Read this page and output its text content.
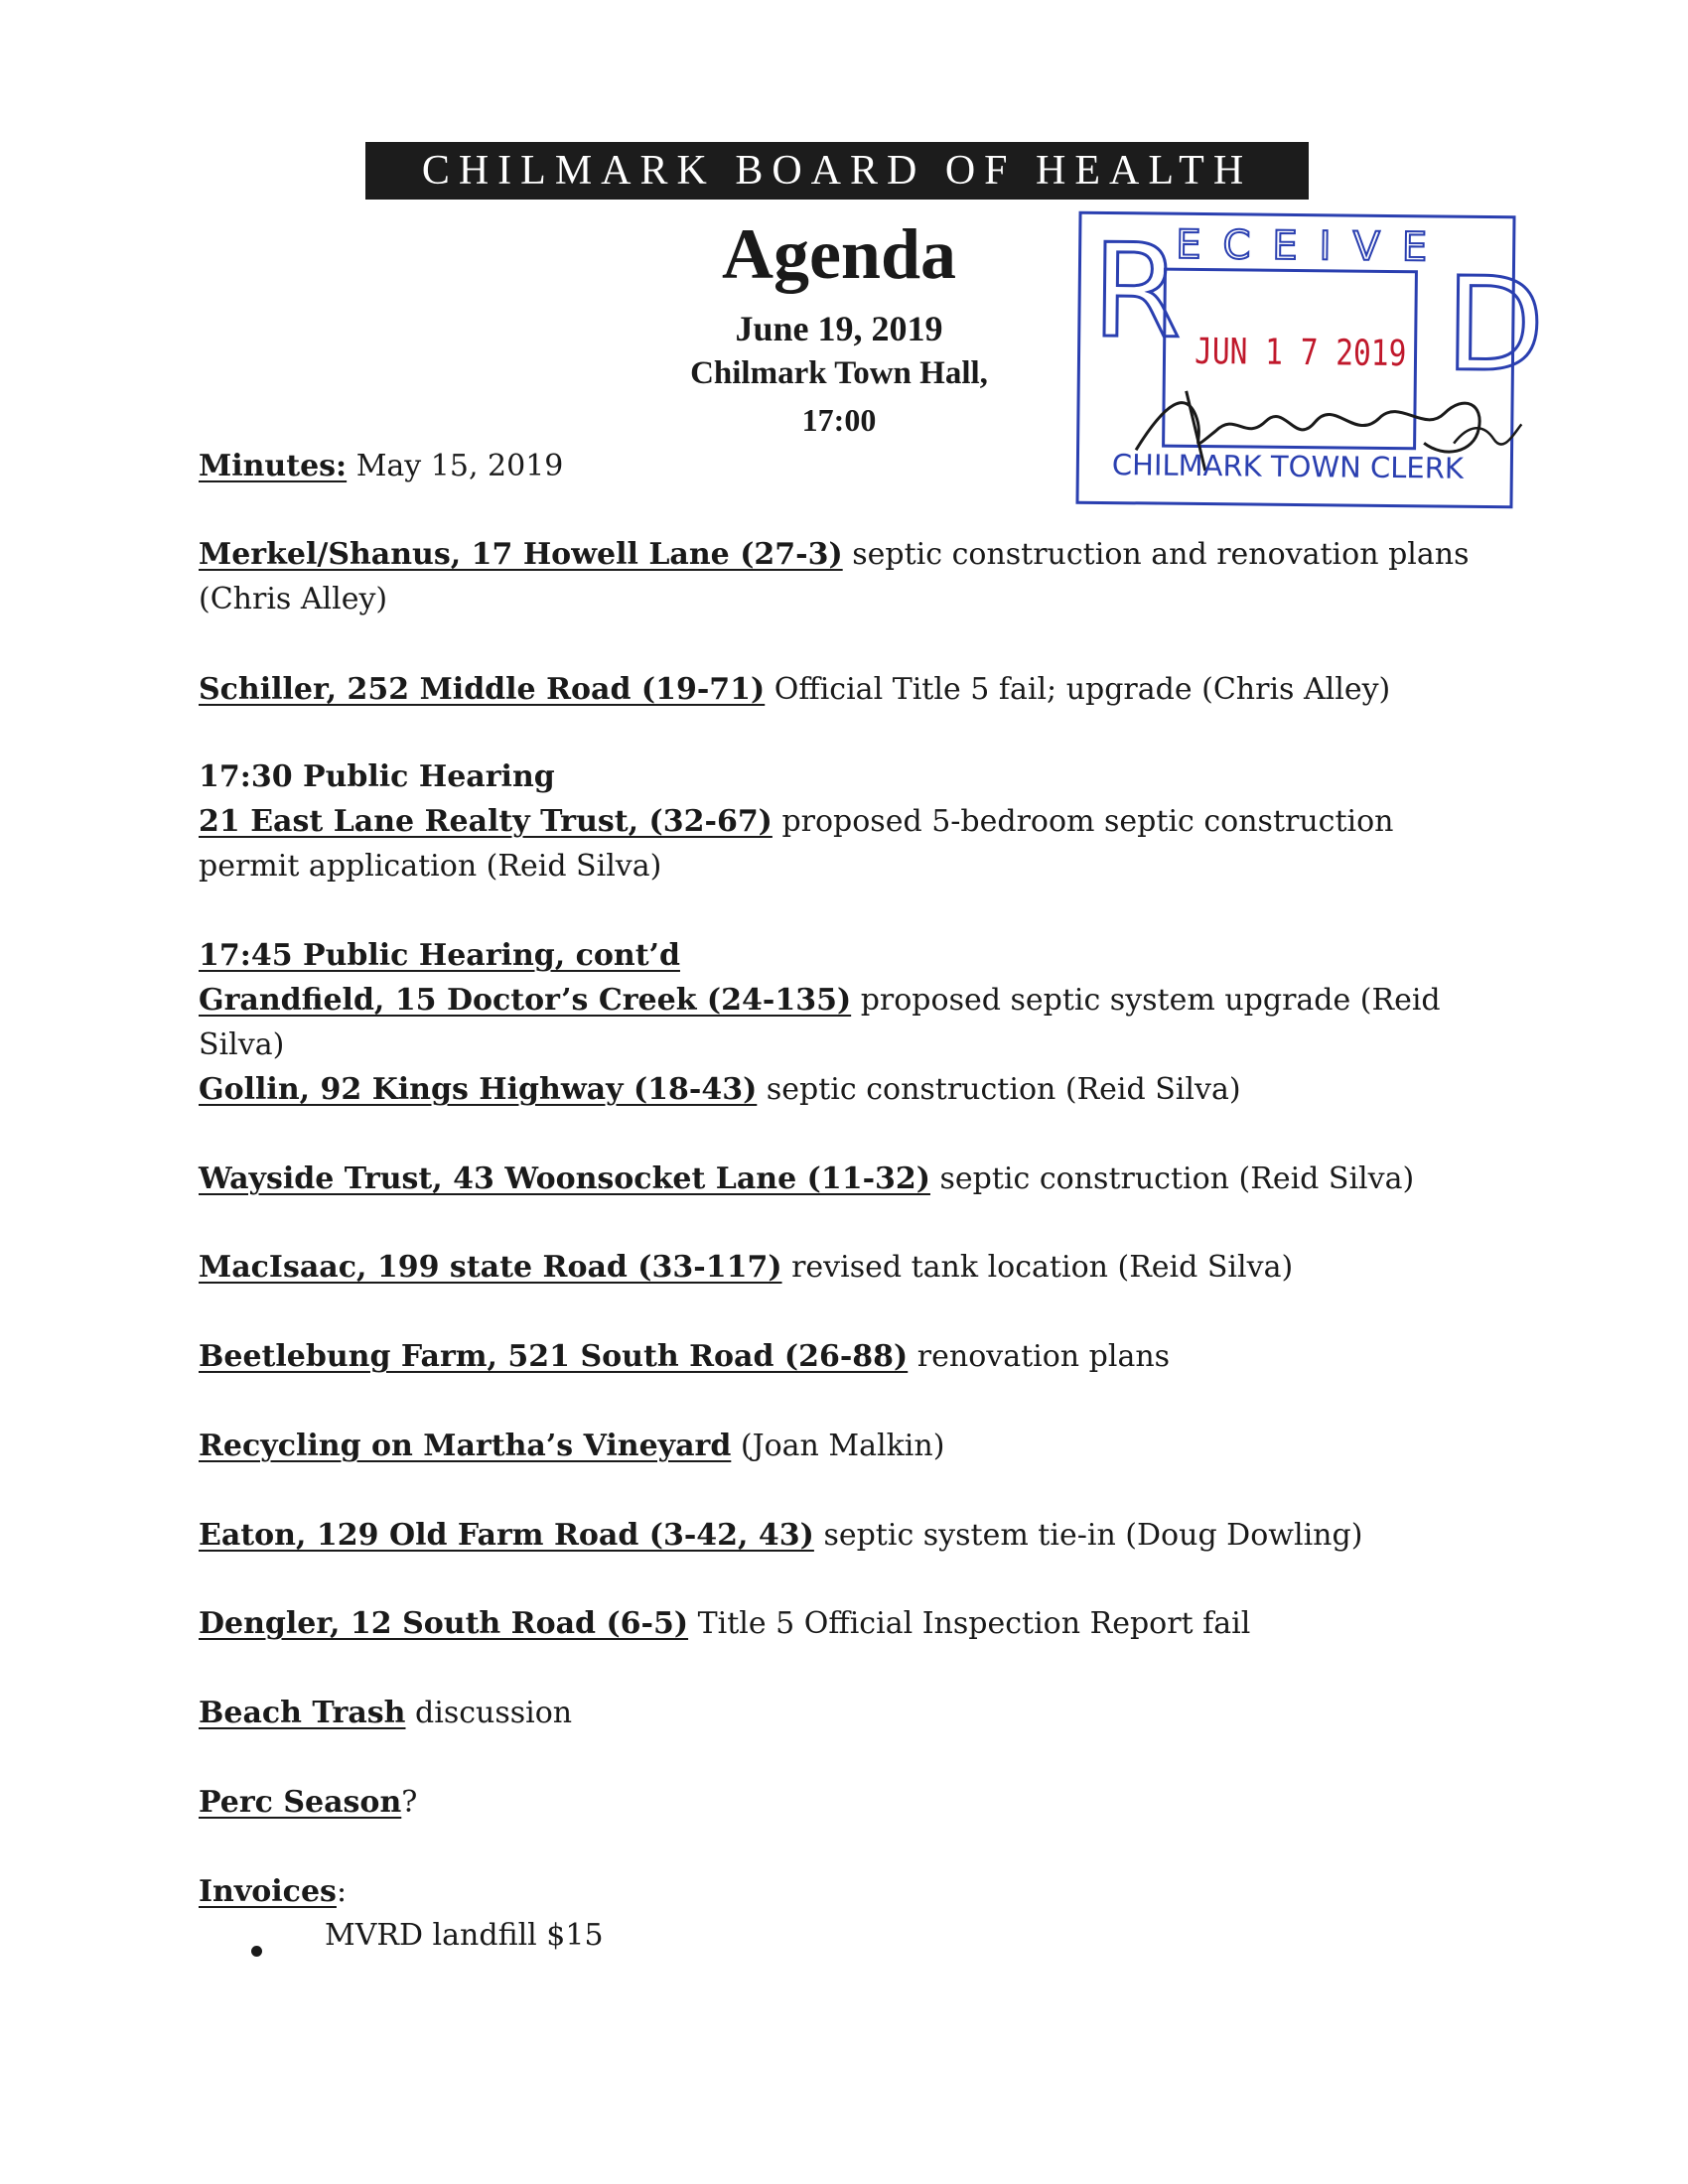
CHILMARK BOARD OF HEALTH
Agenda
June 19, 2019
Chilmark Town Hall,
17:00
R
ECEIVE
D
JUN 1 7 2019
CHILMARK TOWN CLERK
Minutes: May 15, 2019
Merkel/Shanus, 17 Howell Lane (27-3) septic construction and renovation plans (Chris Alley)
Schiller, 252 Middle Road (19-71) Official Title 5 fail; upgrade (Chris Alley)
17:30 Public Hearing
21 East Lane Realty Trust, (32-67) proposed 5-bedroom septic construction permit application (Reid Silva)
17:45 Public Hearing, cont’d
Grandfield, 15 Doctor’s Creek (24-135) proposed septic system upgrade (Reid Silva)
Gollin, 92 Kings Highway (18-43) septic construction (Reid Silva)
Wayside Trust, 43 Woonsocket Lane (11-32) septic construction (Reid Silva)
MacIsaac, 199 state Road (33-117) revised tank location (Reid Silva)
Beetlebung Farm, 521 South Road (26-88) renovation plans
Recycling on Martha’s Vineyard (Joan Malkin)
Eaton, 129 Old Farm Road (3-42, 43) septic system tie-in (Doug Dowling)
Dengler, 12 South Road (6-5) Title 5 Official Inspection Report fail
Beach Trash discussion
Perc Season?
Invoices:
MVRD landfill $15
